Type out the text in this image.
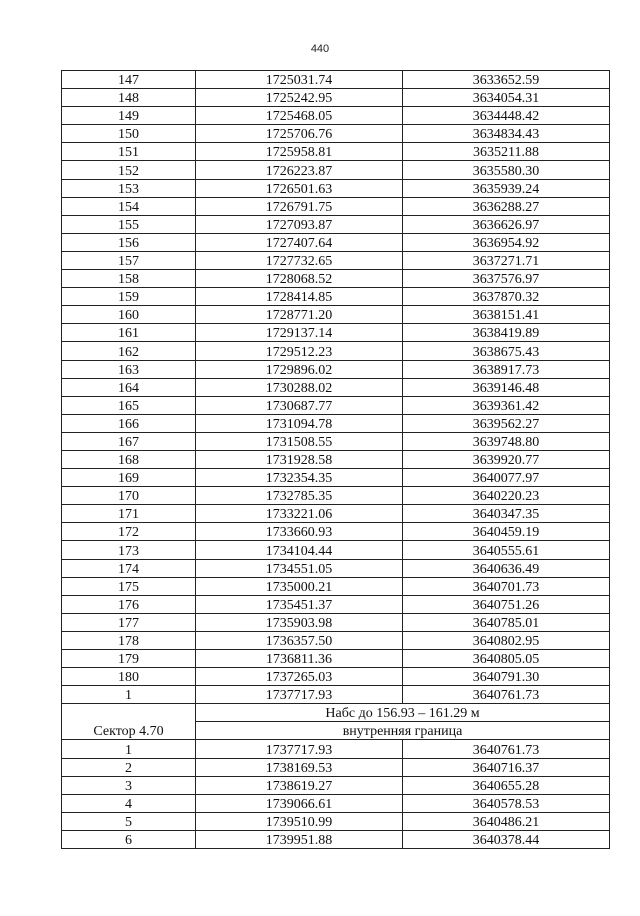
440
147	1725031.74	3633652.59
148	1725242.95	3634054.31
149	1725468.05	3634448.42
150	1725706.76	3634834.43
151	1725958.81	3635211.88
152	1726223.87	3635580.30
153	1726501.63	3635939.24
154	1726791.75	3636288.27
155	1727093.87	3636626.97
156	1727407.64	3636954.92
157	1727732.65	3637271.71
158	1728068.52	3637576.97
159	1728414.85	3637870.32
160	1728771.20	3638151.41
161	1729137.14	3638419.89
162	1729512.23	3638675.43
163	1729896.02	3638917.73
164	1730288.02	3639146.48
165	1730687.77	3639361.42
166	1731094.78	3639562.27
167	1731508.55	3639748.80
168	1731928.58	3639920.77
169	1732354.35	3640077.97
170	1732785.35	3640220.23
171	1733221.06	3640347.35
172	1733660.93	3640459.19
173	1734104.44	3640555.61
174	1734551.05	3640636.49
175	1735000.21	3640701.73
176	1735451.37	3640751.26
177	1735903.98	3640785.01
178	1736357.50	3640802.95
179	1736811.36	3640805.05
180	1737265.03	3640791.30
1	1737717.93	3640761.73
Сектор 4.70	Набс до 156.93 – 161.29 м	
	внутренняя граница	
1	1737717.93	3640761.73
2	1738169.53	3640716.37
3	1738619.27	3640655.28
4	1739066.61	3640578.53
5	1739510.99	3640486.21
6	1739951.88	3640378.44
